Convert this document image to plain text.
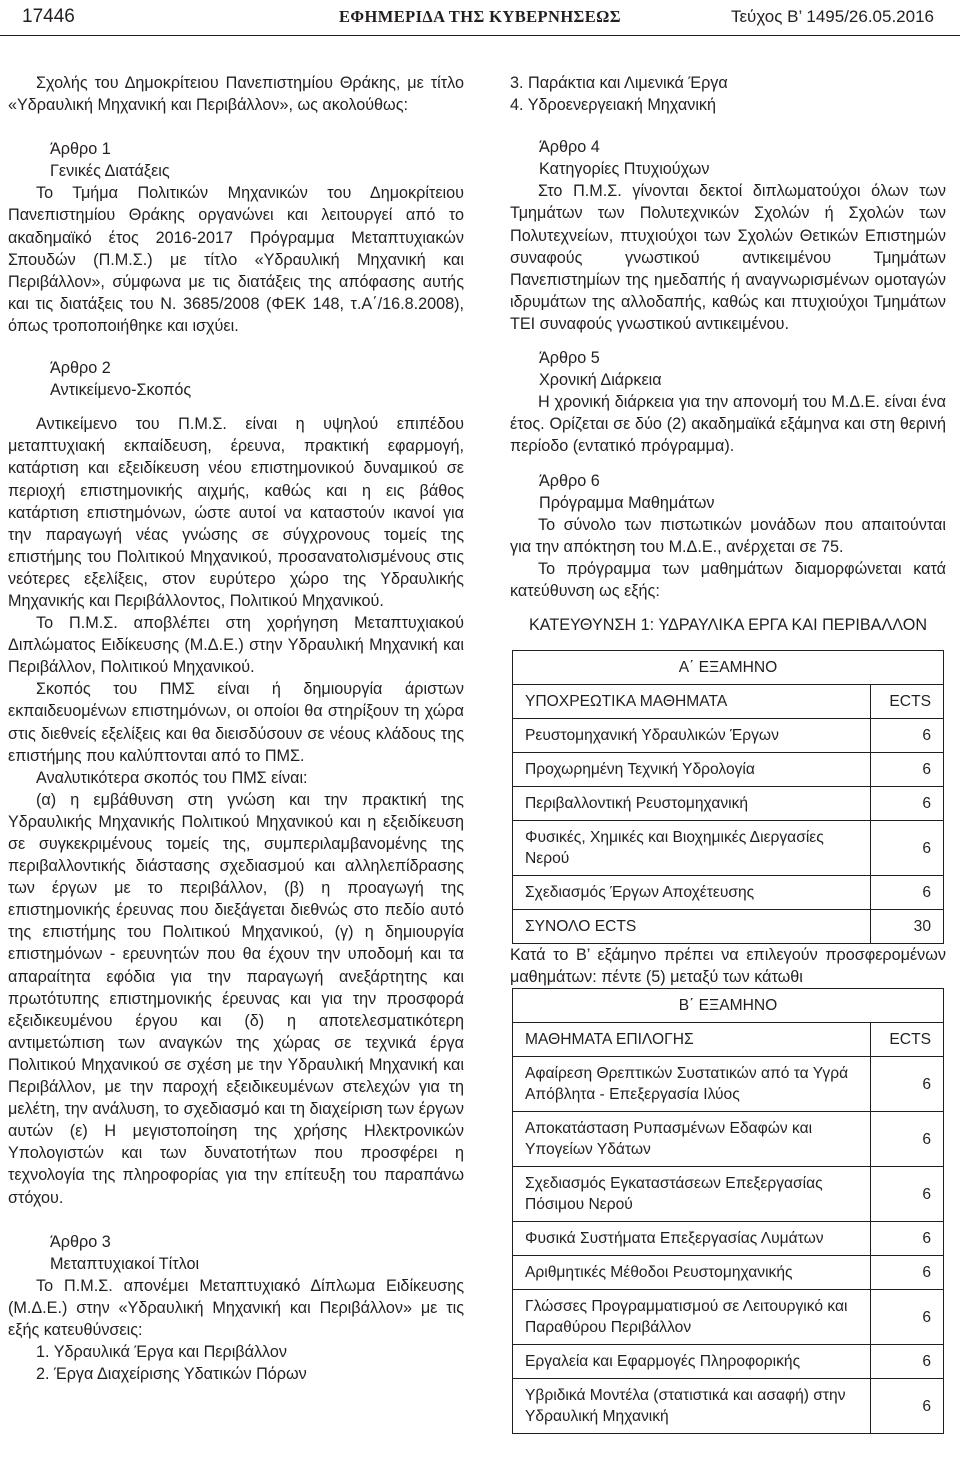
17446	ΕΦΗΜΕΡΙΔΑ ΤΗΣ ΚΥΒΕΡΝΗΣΕΩΣ	Τεύχος Β’ 1495/26.05.2016

Σχολής του Δημοκρίτειου Πανεπιστημίου Θράκης, με τίτλο «Υδραυλική Μηχανική και Περιβάλλον», ως ακολούθως:

Άρθρο 1

Γενικές Διατάξεις

Το Τμήμα Πολιτικών Μηχανικών του Δημοκρίτειου Πανεπιστημίου Θράκης οργανώνει και λειτουργεί από το ακαδημαϊκό έτος 2016-2017 Πρόγραμμα Μεταπτυχιακών Σπουδών (Π.Μ.Σ.) με τίτλο «Υδραυλική Μηχανική και Περιβάλλον», σύμφωνα με τις διατάξεις της απόφασης αυτής και τις διατάξεις του Ν. 3685/2008 (ΦΕΚ 148, τ.Α΄/16.8.2008), όπως τροποποιήθηκε και ισχύει.

Άρθρο 2

Αντικείμενο-Σκοπός

Αντικείμενο του Π.Μ.Σ. είναι η υψηλού επιπέδου μεταπτυχιακή εκπαίδευση, έρευνα, πρακτική εφαρμογή, κατάρτιση και εξειδίκευση νέου επιστημονικού δυναμικού σε περιοχή επιστημονικής αιχμής, καθώς και η εις βάθος κατάρτιση επιστημόνων, ώστε αυτοί να καταστούν ικανοί για την παραγωγή νέας γνώσης σε σύγχρονους τομείς της επιστήμης του Πολιτικού Μηχανικού, προσανατολισμένους στις νεότερες εξελίξεις, στον ευρύτερο χώρο της Υδραυλικής Μηχανικής και Περιβάλλοντος, Πολιτικού Μηχανικού.

Το Π.Μ.Σ. αποβλέπει στη χορήγηση Μεταπτυχιακού Διπλώματος Ειδίκευσης (Μ.Δ.Ε.) στην Υδραυλική Μηχανική και Περιβάλλον, Πολιτικού Μηχανικού.

Σκοπός του ΠΜΣ είναι ή δημιουργία άριστων εκπαιδευομένων επιστημόνων, οι οποίοι θα στηρίξουν τη χώρα στις διεθνείς εξελίξεις και θα διεισδύσουν σε νέους κλάδους της επιστήμης που καλύπτονται από το ΠΜΣ.

Αναλυτικότερα σκοπός του ΠΜΣ είναι:

(α) η εμβάθυνση στη γνώση και την πρακτική της Υδραυλικής Μηχανικής Πολιτικού Μηχανικού και η εξειδίκευση σε συγκεκριμένους τομείς της, συμπεριλαμβανομένης της περιβαλλοντικής διάστασης σχεδιασμού και αλληλεπίδρασης των έργων με το περιβάλλον, (β) η προαγωγή της επιστημονικής έρευνας που διεξάγεται διεθνώς στο πεδίο αυτό της επιστήμης του Πολιτικού Μηχανικού, (γ) η δημιουργία επιστημόνων - ερευνητών που θα έχουν την υποδομή και τα απαραίτητα εφόδια για την παραγωγή ανεξάρτητης και πρωτότυπης επιστημονικής έρευνας και για την προσφορά εξειδικευμένου έργου και (δ) η αποτελεσματικότερη αντιμετώπιση των αναγκών της χώρας σε τεχνικά έργα Πολιτικού Μηχανικού σε σχέση με την Υδραυλική Μηχανική και Περιβάλλον, με την παροχή εξειδικευμένων στελεχών για τη μελέτη, την ανάλυση, το σχεδιασμό και τη διαχείριση των έργων αυτών (ε) Η μεγιστοποίηση της χρήσης Ηλεκτρονικών Υπολογιστών και των δυνατοτήτων που προσφέρει η τεχνολογία της πληροφορίας για την επίτευξη του παραπάνω στόχου.

Άρθρο 3

Μεταπτυχιακοί Τίτλοι

Το Π.Μ.Σ. απονέμει Μεταπτυχιακό Δίπλωμα Ειδίκευσης (Μ.Δ.Ε.) στην «Υδραυλική Μηχανική και Περιβάλλον» με τις εξής κατευθύνσεις:

1. Υδραυλικά Έργα και Περιβάλλον

2. Έργα Διαχείρισης Υδατικών Πόρων

3. Παράκτια και Λιμενικά Έργα

4. Υδροενεργειακή Μηχανική

Άρθρο 4

Κατηγορίες Πτυχιούχων

Στο Π.Μ.Σ. γίνονται δεκτοί διπλωματούχοι όλων των Τμημάτων των Πολυτεχνικών Σχολών ή Σχολών των Πολυτεχνείων, πτυχιούχοι των Σχολών Θετικών Επιστημών συναφούς γνωστικού αντικειμένου Τμημάτων Πανεπιστημίων της ημεδαπής ή αναγνωρισμένων ομοταγών ιδρυμάτων της αλλοδαπής, καθώς και πτυχιούχοι Τμημάτων ΤΕΙ συναφούς γνωστικού αντικειμένου.

Άρθρο 5

Χρονική Διάρκεια

Η χρονική διάρκεια για την απονομή του Μ.Δ.Ε. είναι ένα έτος. Ορίζεται σε δύο (2) ακαδημαϊκά εξάμηνα και στη θερινή περίοδο (εντατικό πρόγραμμα).

Άρθρο 6

Πρόγραμμα Μαθημάτων

Το σύνολο των πιστωτικών μονάδων που απαιτούνται για την απόκτηση του Μ.Δ.Ε., ανέρχεται σε 75.

Το πρόγραμμα των μαθημάτων διαμορφώνεται κατά κατεύθυνση ως εξής:

ΚΑΤΕΥΘΥΝΣΗ 1: ΥΔΡΑΥΛΙΚΑ ΕΡΓΑ ΚΑΙ ΠΕΡΙΒΑΛΛΟΝ
Α΄ ΕΞΑΜΗΝΟ	
ΥΠΟΧΡΕΩΤΙΚΑ ΜΑΘΗΜΑΤΑ	ECTS
Ρευστομηχανική Υδραυλικών Έργων	6
Προχωρημένη Τεχνική Υδρολογία	6
Περιβαλλοντική Ρευστομηχανική	6
Φυσικές, Χημικές και Βιοχημικές Διεργασίες Νερού	6
Σχεδιασμός Έργων Αποχέτευσης	6
ΣΥΝΟΛΟ ECTS	30

Κατά το Β’ εξάμηνο πρέπει να επιλεγούν προσφερομένων μαθημάτων: πέντε (5) μεταξύ των κάτωθι

Β΄ ΕΞΑΜΗΝΟ	
ΜΑΘΗΜΑΤΑ ΕΠΙΛΟΓΗΣ	ECTS
Αφαίρεση Θρεπτικών Συστατικών από τα Υγρά Απόβλητα - Επεξεργασία Ιλύος	6
Αποκατάσταση Ρυπασμένων Εδαφών και Υπογείων Υδάτων	6
Σχεδιασμός Εγκαταστάσεων Επεξεργασίας Πόσιμου Νερού	6
Φυσικά Συστήματα Επεξεργασίας Λυμάτων	6
Αριθμητικές Μέθοδοι Ρευστομηχανικής	6
Γλώσσες Προγραμματισμού σε Λειτουργικό και Παραθύρου Περιβάλλον	6
Εργαλεία και Εφαρμογές Πληροφορικής	6
Υβριδικά Μοντέλα (στατιστικά και ασαφή) στην Υδραυλική Μηχανική	6
